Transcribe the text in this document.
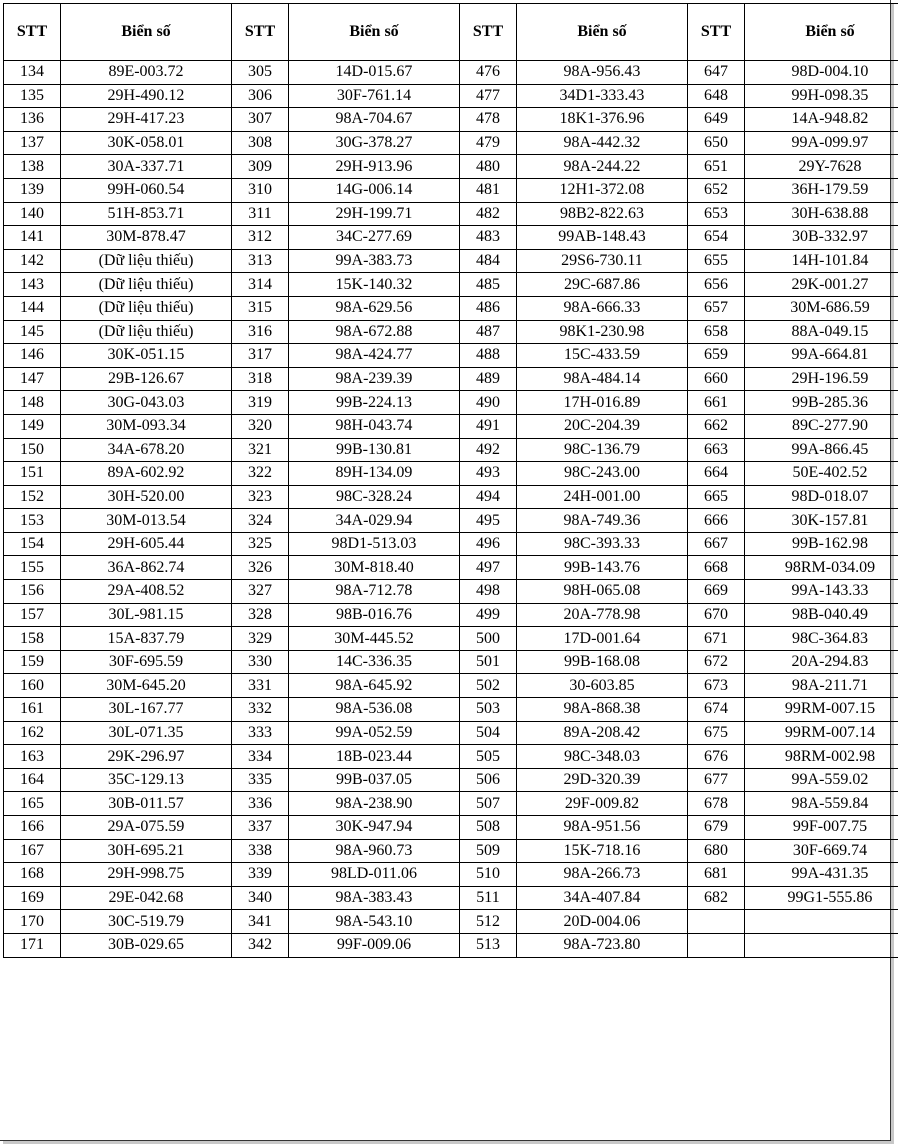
STT	Biển số	STT	Biển số	STT	Biển số	STT	Biển số
134	89E-003.72	305	14D-015.67	476	98A-956.43	647	98D-004.10
135	29H-490.12	306	30F-761.14	477	34D1-333.43	648	99H-098.35
136	29H-417.23	307	98A-704.67	478	18K1-376.96	649	14A-948.82
137	30K-058.01	308	30G-378.27	479	98A-442.32	650	99A-099.97
138	30A-337.71	309	29H-913.96	480	98A-244.22	651	29Y-7628
139	99H-060.54	310	14G-006.14	481	12H1-372.08	652	36H-179.59
140	51H-853.71	311	29H-199.71	482	98B2-822.63	653	30H-638.88
141	30M-878.47	312	34C-277.69	483	99AB-148.43	654	30B-332.97
142	(Dữ liệu thiếu)	313	99A-383.73	484	29S6-730.11	655	14H-101.84
143	(Dữ liệu thiếu)	314	15K-140.32	485	29C-687.86	656	29K-001.27
144	(Dữ liệu thiếu)	315	98A-629.56	486	98A-666.33	657	30M-686.59
145	(Dữ liệu thiếu)	316	98A-672.88	487	98K1-230.98	658	88A-049.15
146	30K-051.15	317	98A-424.77	488	15C-433.59	659	99A-664.81
147	29B-126.67	318	98A-239.39	489	98A-484.14	660	29H-196.59
148	30G-043.03	319	99B-224.13	490	17H-016.89	661	99B-285.36
149	30M-093.34	320	98H-043.74	491	20C-204.39	662	89C-277.90
150	34A-678.20	321	99B-130.81	492	98C-136.79	663	99A-866.45
151	89A-602.92	322	89H-134.09	493	98C-243.00	664	50E-402.52
152	30H-520.00	323	98C-328.24	494	24H-001.00	665	98D-018.07
153	30M-013.54	324	34A-029.94	495	98A-749.36	666	30K-157.81
154	29H-605.44	325	98D1-513.03	496	98C-393.33	667	99B-162.98
155	36A-862.74	326	30M-818.40	497	99B-143.76	668	98RM-034.09
156	29A-408.52	327	98A-712.78	498	98H-065.08	669	99A-143.33
157	30L-981.15	328	98B-016.76	499	20A-778.98	670	98B-040.49
158	15A-837.79	329	30M-445.52	500	17D-001.64	671	98C-364.83
159	30F-695.59	330	14C-336.35	501	99B-168.08	672	20A-294.83
160	30M-645.20	331	98A-645.92	502	30-603.85	673	98A-211.71
161	30L-167.77	332	98A-536.08	503	98A-868.38	674	99RM-007.15
162	30L-071.35	333	99A-052.59	504	89A-208.42	675	99RM-007.14
163	29K-296.97	334	18B-023.44	505	98C-348.03	676	98RM-002.98
164	35C-129.13	335	99B-037.05	506	29D-320.39	677	99A-559.02
165	30B-011.57	336	98A-238.90	507	29F-009.82	678	98A-559.84
166	29A-075.59	337	30K-947.94	508	98A-951.56	679	99F-007.75
167	30H-695.21	338	98A-960.73	509	15K-718.16	680	30F-669.74
168	29H-998.75	339	98LD-011.06	510	98A-266.73	681	99A-431.35
169	29E-042.68	340	98A-383.43	511	34A-407.84	682	99G1-555.86
170	30C-519.79	341	98A-543.10	512	20D-004.06		
171	30B-029.65	342	99F-009.06	513	98A-723.80		
